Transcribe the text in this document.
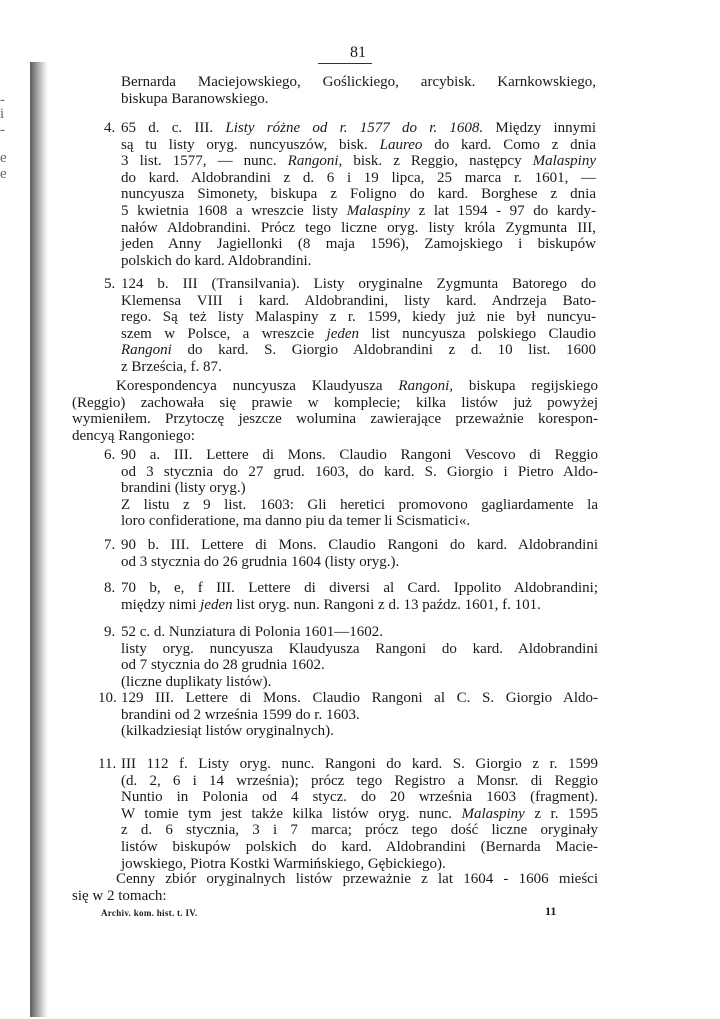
-
i
-
e
e
81
Bernarda Maciejowskiego, Goślickiego, arcybisk. Karnkowskiego,
biskupa Baranowskiego.
4. 65 d. c. III. Listy różne od r. 1577 do r. 1608. Między innymi
są tu listy oryg. nuncyuszów, bisk. Laureo do kard. Como z dnia
3 list. 1577, — nunc. Rangoni, bisk. z Reggio, następcy Malaspiny
do kard. Aldobrandini z d. 6 i 19 lipca, 25 marca r. 1601, —
nuncyusza Simonety, biskupa z Foligno do kard. Borghese z dnia
5 kwietnia 1608 a wreszcie listy Malaspiny z lat 1594 - 97 do kardy-
nałów Aldobrandini. Prócz tego liczne oryg. listy króla Zygmunta III,
jeden Anny Jagiellonki (8 maja 1596), Zamojskiego i biskupów
polskich do kard. Aldobrandini.
5. 124 b. III (Transilvania). Listy oryginalne Zygmunta Batorego do
Klemensa VIII i kard. Aldobrandini, listy kard. Andrzeja Bato-
rego. Są też listy Malaspiny z r. 1599, kiedy już nie był nuncyu-
szem w Polsce, a wreszcie jeden list nuncyusza polskiego Claudio
Rangoni do kard. S. Giorgio Aldobrandini z d. 10 list. 1600
z Brześcia, f. 87.
Korespondencya nuncyusza Klaudyusza Rangoni, biskupa regijskiego
(Reggio) zachowała się prawie w komplecie; kilka listów już powyżej
wymieniłem. Przytoczę jeszcze wolumina zawierające przeważnie korespon-
dencyą Rangoniego:
6. 90 a. III. Lettere di Mons. Claudio Rangoni Vescovo di Reggio
od 3 stycznia do 27 grud. 1603, do kard. S. Giorgio i Pietro Aldo-
brandini (listy oryg.)
Z listu z 9 list. 1603: Gli heretici promovono gagliardamente la
loro confideratione, ma danno piu da temer li Scismatici«.
7. 90 b. III. Lettere di Mons. Claudio Rangoni do kard. Aldobrandini
od 3 stycznia do 26 grudnia 1604 (listy oryg.).
8. 70 b, e, f III. Lettere di diversi al Card. Ippolito Aldobrandini;
między nimi jeden list oryg. nun. Rangoni z d. 13 paźdz. 1601, f. 101.
9. 52 c. d. Nunziatura di Polonia 1601—1602.
listy oryg. nuncyusza Klaudyusza Rangoni do kard. Aldobrandini
od 7 stycznia do 28 grudnia 1602.
(liczne duplikaty listów).
10. 129 III. Lettere di Mons. Claudio Rangoni al C. S. Giorgio Aldo-
brandini od 2 września 1599 do r. 1603.
(kilkadziesiąt listów oryginalnych).
11. III 112 f. Listy oryg. nunc. Rangoni do kard. S. Giorgio z r. 1599
(d. 2, 6 i 14 września); prócz tego Registro a Monsr. di Reggio
Nuntio in Polonia od 4 stycz. do 20 września 1603 (fragment).
W tomie tym jest także kilka listów oryg. nunc. Malaspiny z r. 1595
z d. 6 stycznia, 3 i 7 marca; prócz tego dość liczne oryginały
listów biskupów polskich do kard. Aldobrandini (Bernarda Macie-
jowskiego, Piotra Kostki Warmińskiego, Gębickiego).
Cenny zbiór oryginalnych listów przeważnie z lat 1604 - 1606 mieści
się w 2 tomach:
Archiv. kom. hist. t. IV.	11
